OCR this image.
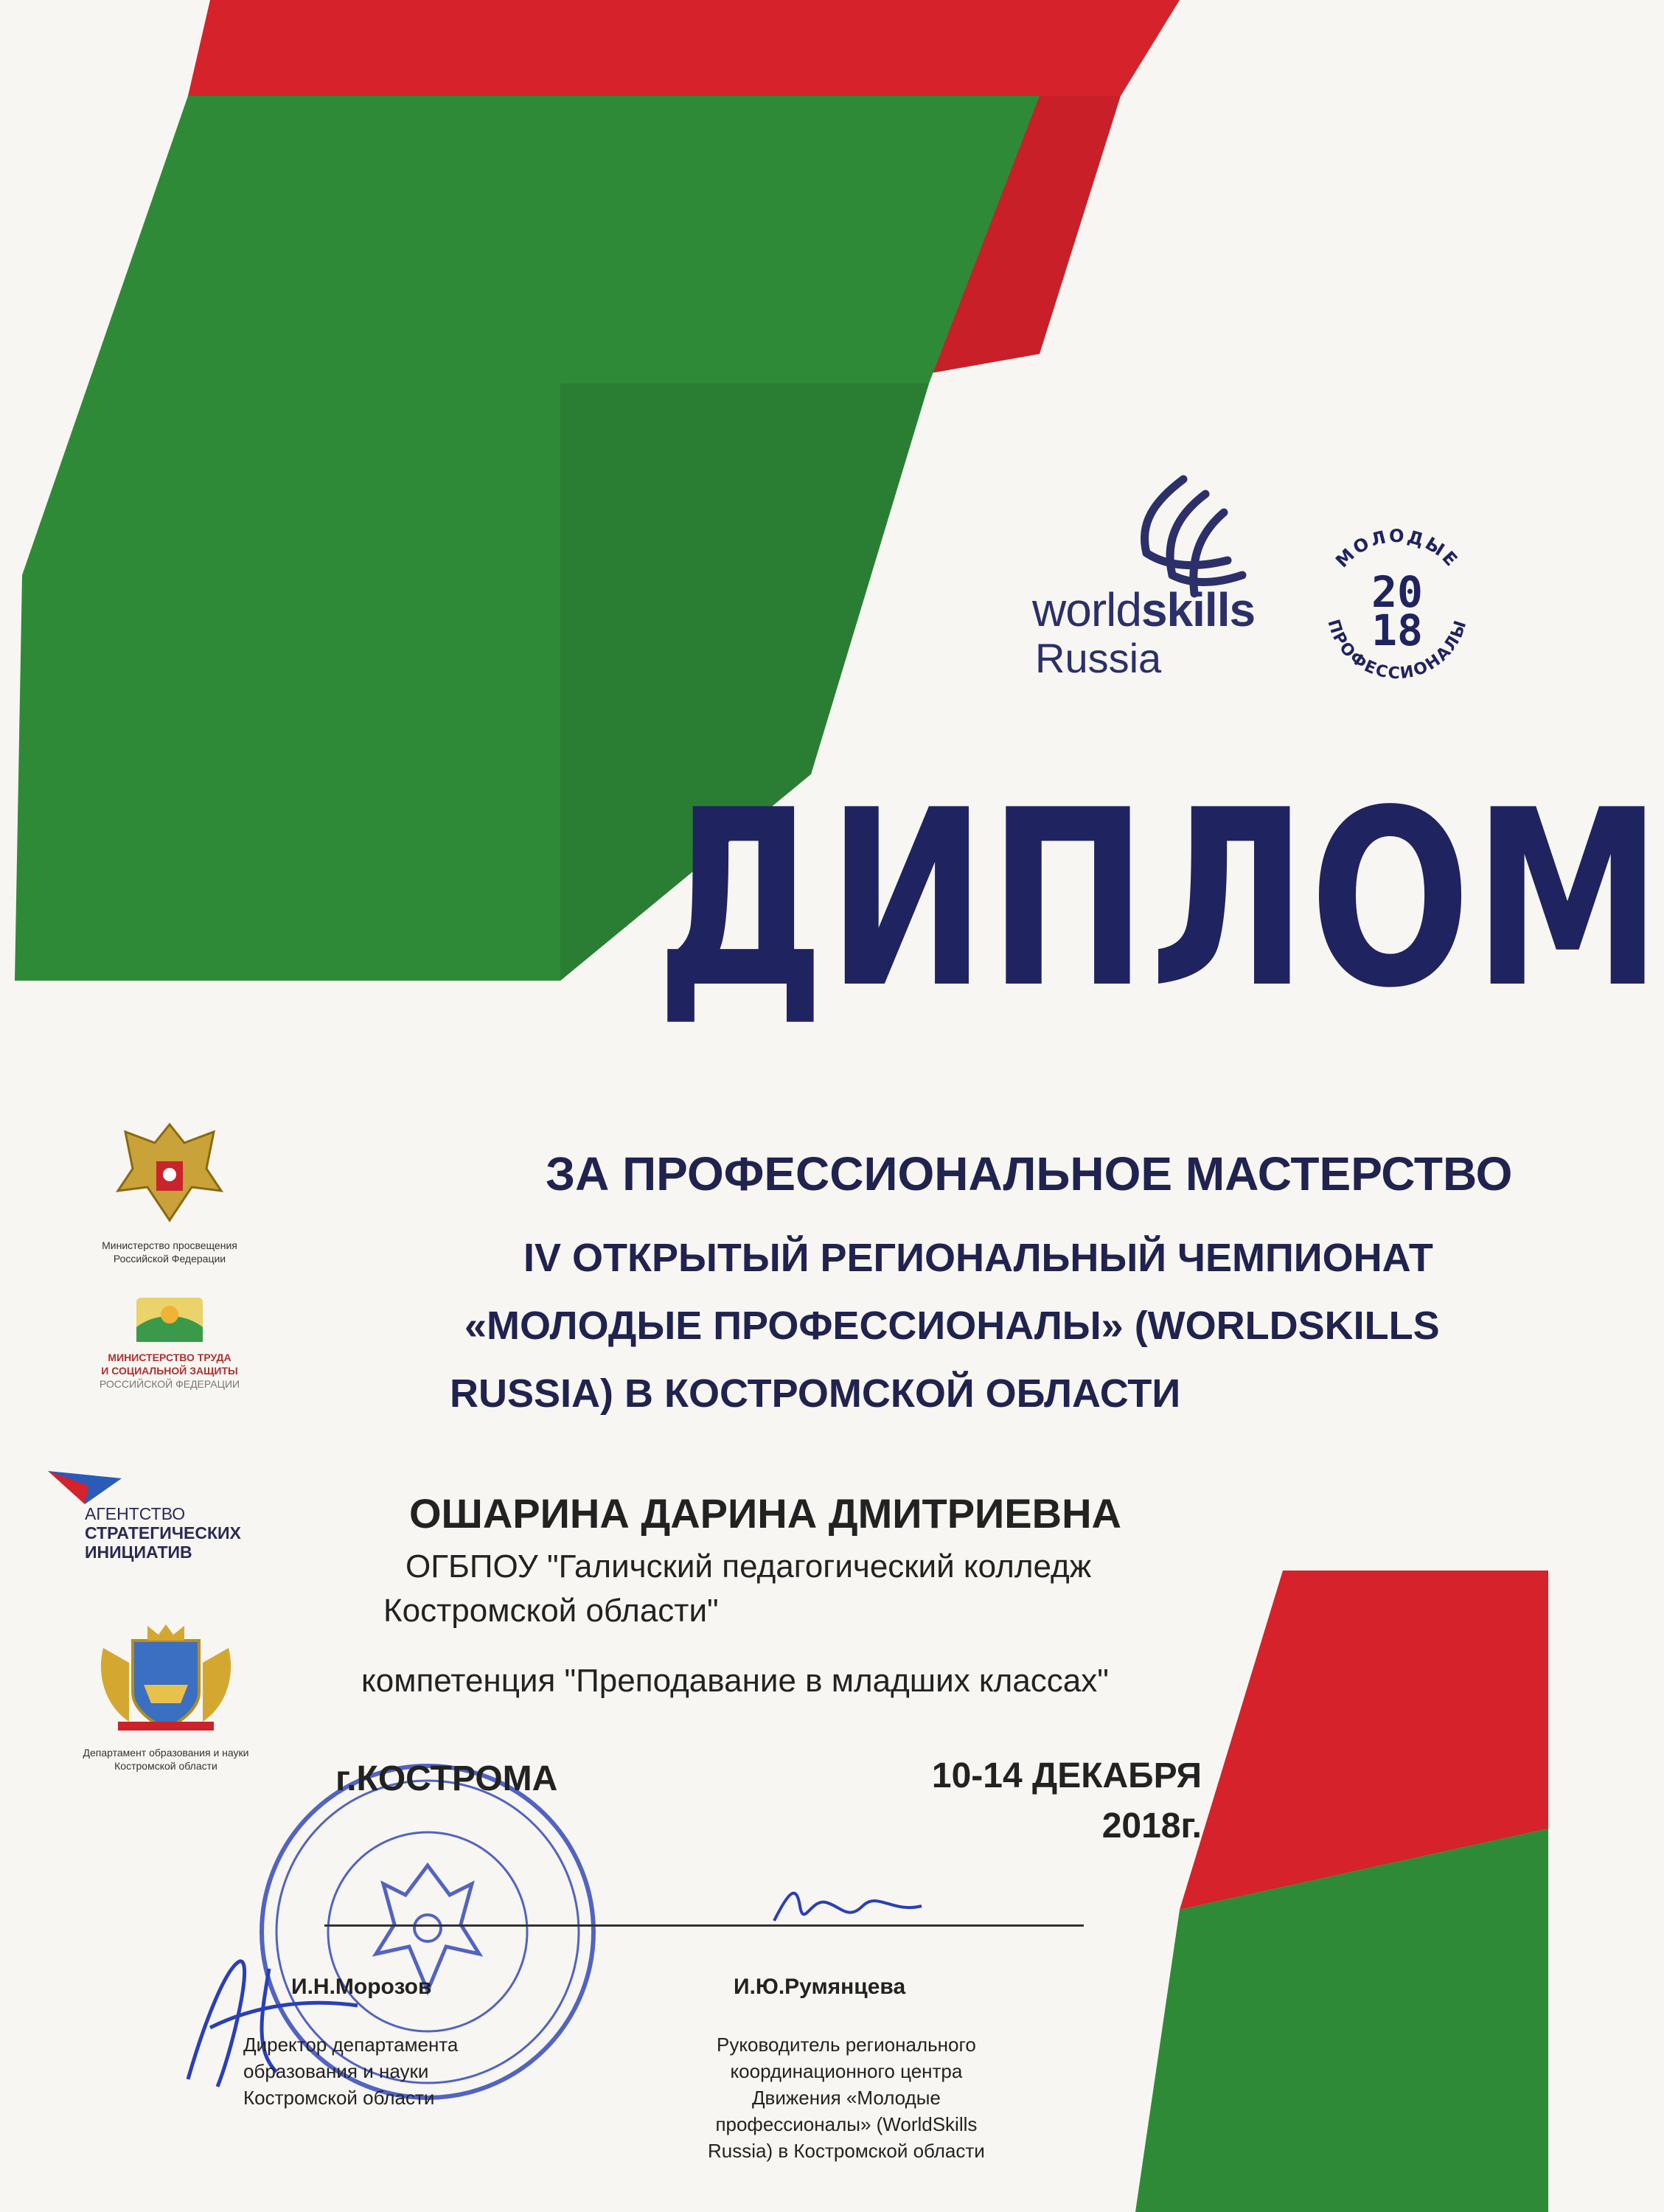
worldskills
Russia
МОЛОДЫЕ
ПРОФЕССИОНАЛЫ
20
18
ДИПЛОМ
ЗА ПРОФЕССИОНАЛЬНОЕ МАСТЕРСТВО
IV ОТКРЫТЫЙ РЕГИОНАЛЬНЫЙ ЧЕМПИОНАТ
«МОЛОДЫЕ ПРОФЕССИОНАЛЫ» (WORLDSKILLS
RUSSIA) В КОСТРОМСКОЙ ОБЛАСТИ
ОШАРИНА ДАРИНА ДМИТРИЕВНА
ОГБПОУ "Галичский педагогический колледж
Костромской области"
компетенция "Преподавание в младших классах"
10-14 ДЕКАБРЯ
2018г.
г.КОСТРОМА
И.Н.Морозов
Директор департамента
образования и науки
Костромской области
И.Ю.Румянцева
Руководитель регионального
координационного центра
Движения «Молодые
профессионалы» (WorldSkills
Russia) в Костромской области
Министерство просвещения
Российской Федерации
МИНИСТЕРСТВО ТРУДА
И СОЦИАЛЬНОЙ ЗАЩИТЫ
РОССИЙСКОЙ ФЕДЕРАЦИИ
АГЕНТСТВО
СТРАТЕГИЧЕСКИХ
ИНИЦИАТИВ
Департамент образования и науки
Костромской области
